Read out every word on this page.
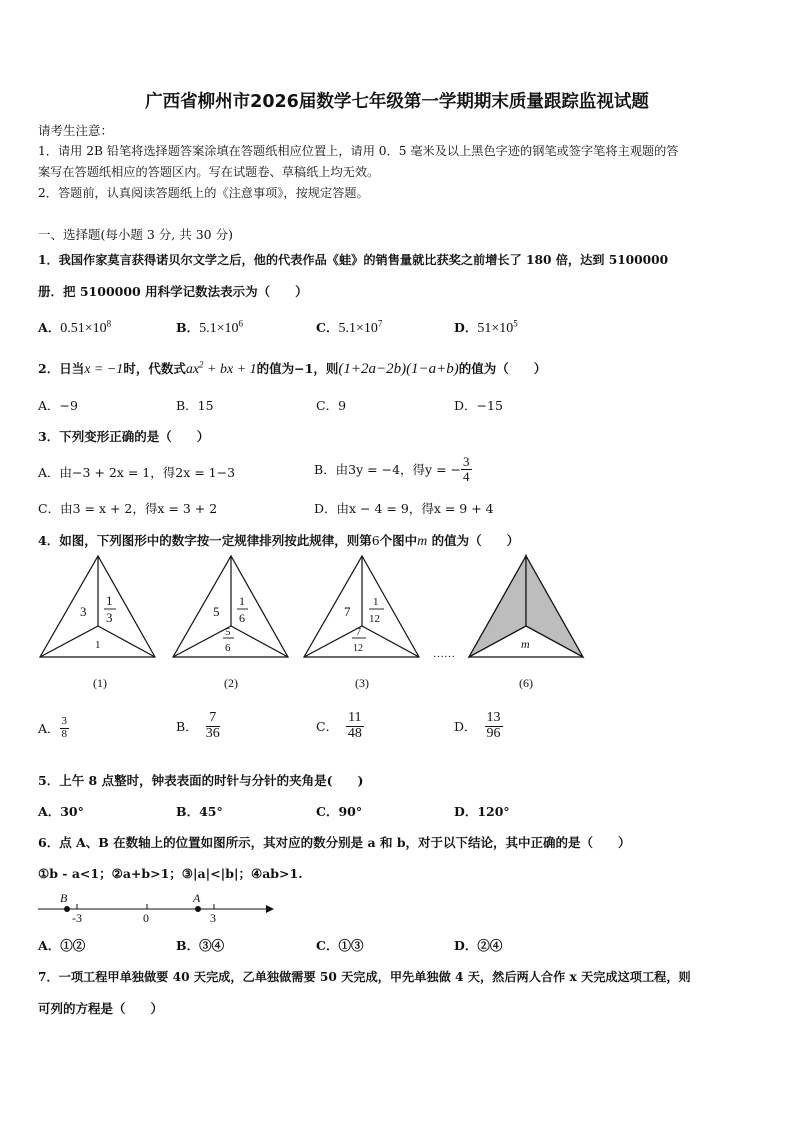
广西省柳州市2026届数学七年级第一学期期末质量跟踪监视试题
请考生注意：
1．请用 2B 铅笔将选择题答案涂填在答题纸相应位置上，请用 0．5 毫米及以上黑色字迹的钢笔或签字笔将主观题的答
案写在答题纸相应的答题区内。写在试题卷、草稿纸上均无效。
2．答题前，认真阅读答题纸上的《注意事项》，按规定答题。
一、选择题(每小题 3 分, 共 30 分)
1．我国作家莫言获得诺贝尔文学之后，他的代表作品《蛙》的销售量就比获奖之前增长了 180 倍，达到 5100000
册．把 5100000 用科学记数法表示为（　　）
A．$0.51\times 10^8$	B．$5.1\times 10^6$	C．$5.1\times 10^7$	D．$51\times 10^5$
2．日当x = −1时，代数式$ax^2$ + bx + 1的值为−1，则(1+2a−2b)(1−a+b)的值为（　　）
A．−9	B．15	C．9	D．−15
3．下列变形正确的是（　　）
A．由−3 + 2x = 1，得2x = 1−3	B．由3y = −4，得y = − $\frac{3}{4}$
C．由3 = x + 2，得x = 3 + 2	D．由x − 4 = 9，得x = 9 + 4
4．如图，下列图形中的数字按一定规律排列按此规律，则第6个图中m 的值为（　　）
3
1
3
1
(1)
5
1
6
5
6
(2)
7
1
12
7
12
(3)
……
m
(6)
A． $\frac{3}{8}$	B． $\frac{7}{36}$	C． $\frac{11}{48}$	D． $\frac{13}{96}$
5．上午 8 点整时，钟表表面的时针与分针的夹角是(　　)
A．30°	B．45°	C．90°	D．120°
6．点 A、B 在数轴上的位置如图所示，其对应的数分别是 a 和 b，对于以下结论，其中正确的是（　　）
①b - a<1；②a+b>1；③|a|<|b|；④ab>1.
B	A
-3	0	3
A．①②	B．③④	C．①③	D．②④
7．一项工程甲单独做要 40 天完成，乙单独做需要 50 天完成，甲先单独做 4 天，然后两人合作 x 天完成这项工程，则
可列的方程是（　　）
